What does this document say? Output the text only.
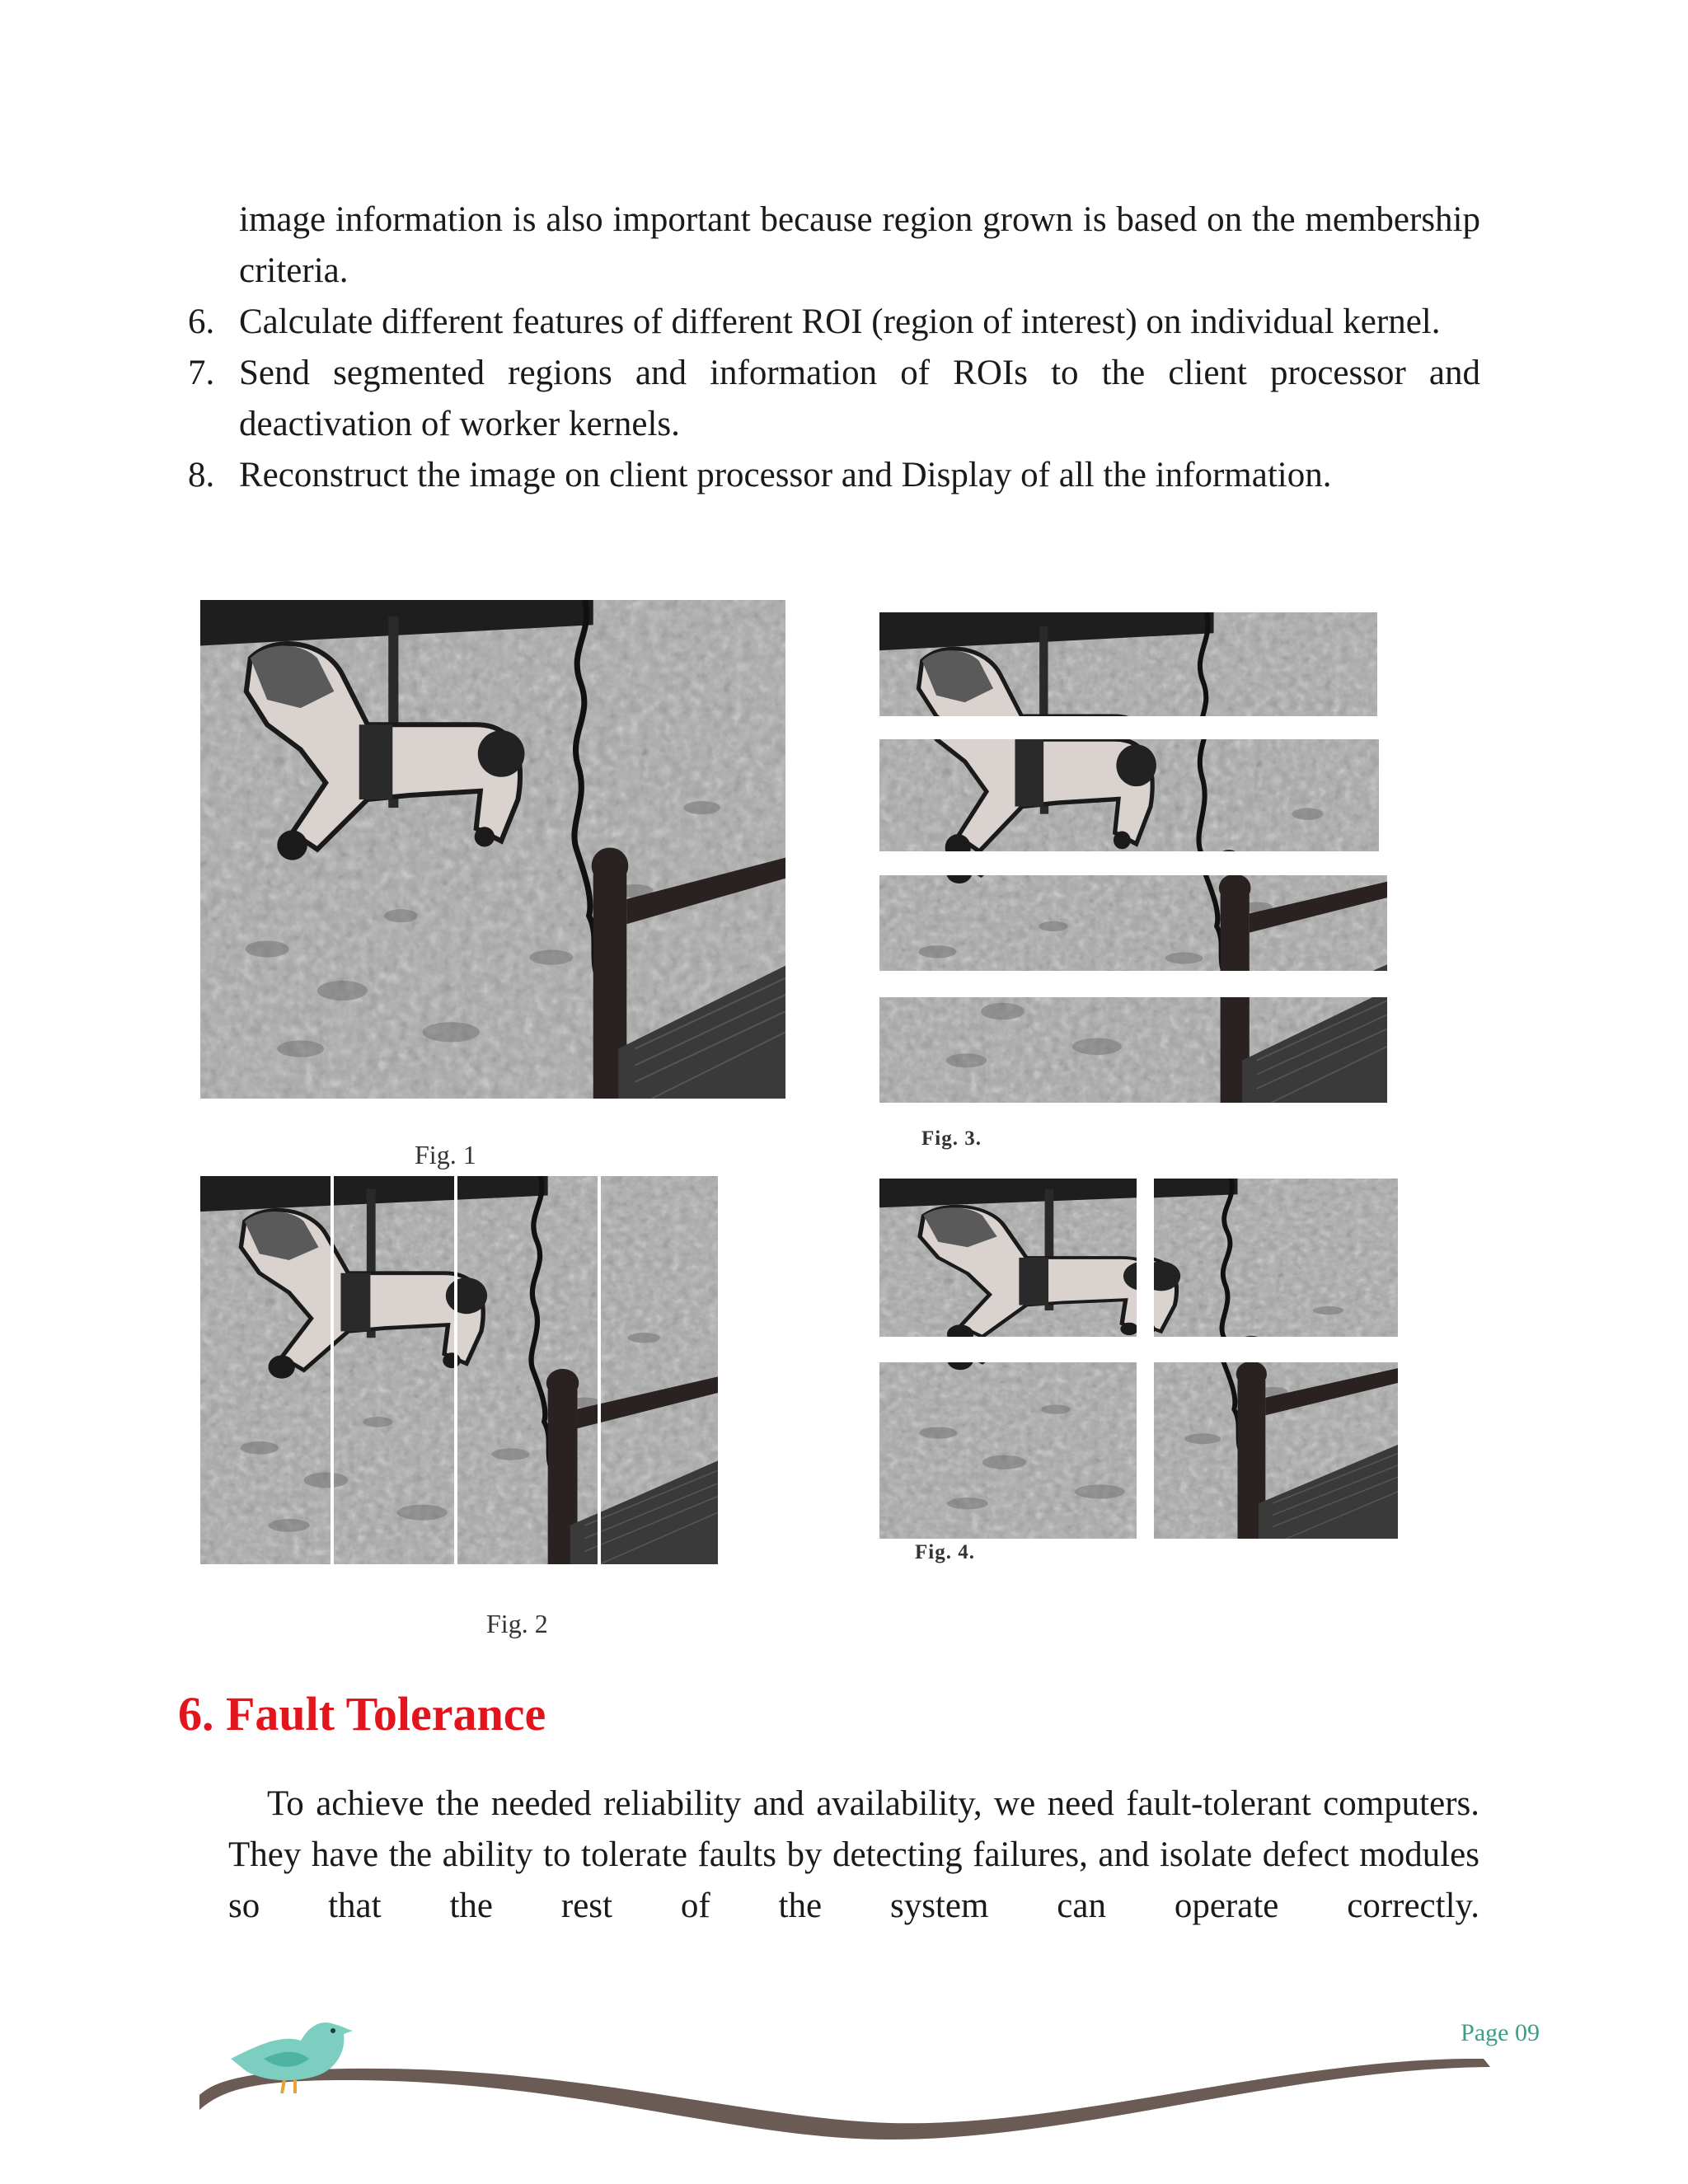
image information is also important because region grown is based on the membership criteria.
6. Calculate different features of different ROI (region of interest) on individual kernel.
7. Send segmented regions and information of ROIs to the client processor and deactivation of worker kernels.
8. Reconstruct the image on client processor and Display of all the information.
Fig. 1
Fig. 2
Fig. 3.
Fig. 4.
6. Fault Tolerance
To achieve the needed reliability and availability, we need fault-tolerant computers. They have the ability to tolerate faults by detecting failures, and isolate defect modules so that the rest of the system can operate correctly.
Page 09
